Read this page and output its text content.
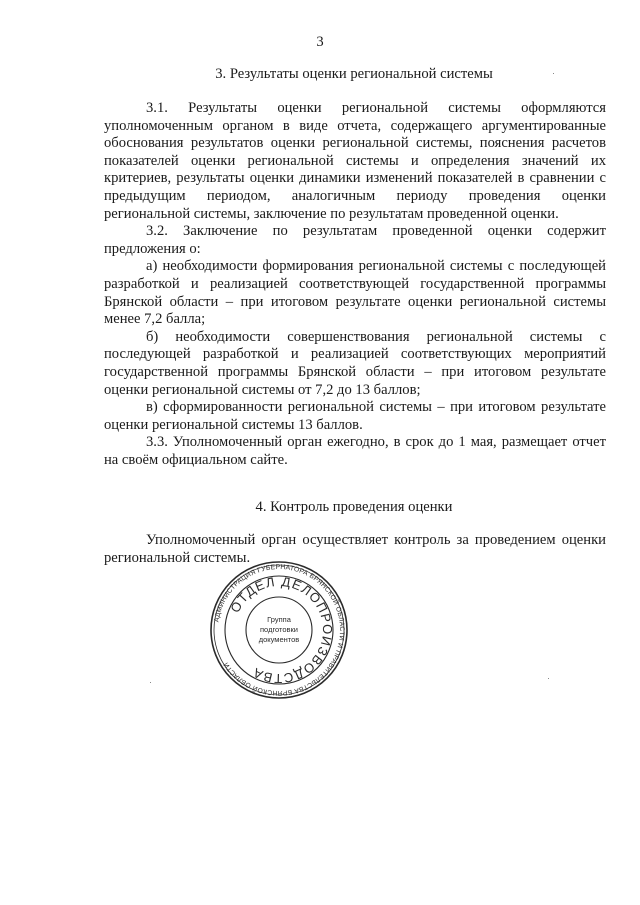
3
3. Результаты оценки региональной системы

3.1. Результаты оценки региональной системы оформляются уполномоченным органом в виде отчета, содержащего аргументированные обоснования результатов оценки региональной системы, пояснения расчетов показателей оценки региональной системы и определения значений их критериев, результаты оценки динамики изменений показателей в сравнении с предыдущим периодом, аналогичным периоду проведения оценки региональной системы, заключение по результатам проведенной оценки.

3.2. Заключение по результатам проведенной оценки содержит предложения о:

а) необходимости формирования региональной системы с последующей разработкой и реализацией соответствующей государственной программы Брянской области – при итоговом результате оценки региональной системы менее 7,2 балла;

б) необходимости совершенствования региональной системы с последующей разработкой и реализацией соответствующих мероприятий государственной программы Брянской области – при итоговом результате оценки региональной системы от 7,2 до 13 баллов;

в) сформированности региональной системы – при итоговом результате оценки региональной системы 13 баллов.

3.3. Уполномоченный орган ежегодно, в срок до 1 мая, размещает отчет на своём официальном сайте.

4. Контроль проведения оценки

Уполномоченный орган осуществляет контроль за проведением оценки региональной системы.

АДМИНИСТРАЦИЯ ГУБЕРНАТОРА БРЯНСКОЙ ОБЛАСТИ И ПРАВИТЕЛЬСТВА БРЯНСКОЙ ОБЛАСТИ
ОТДЕЛ ДЕЛОПРОИЗВОДСТВА
Группа
подготовки
документов
